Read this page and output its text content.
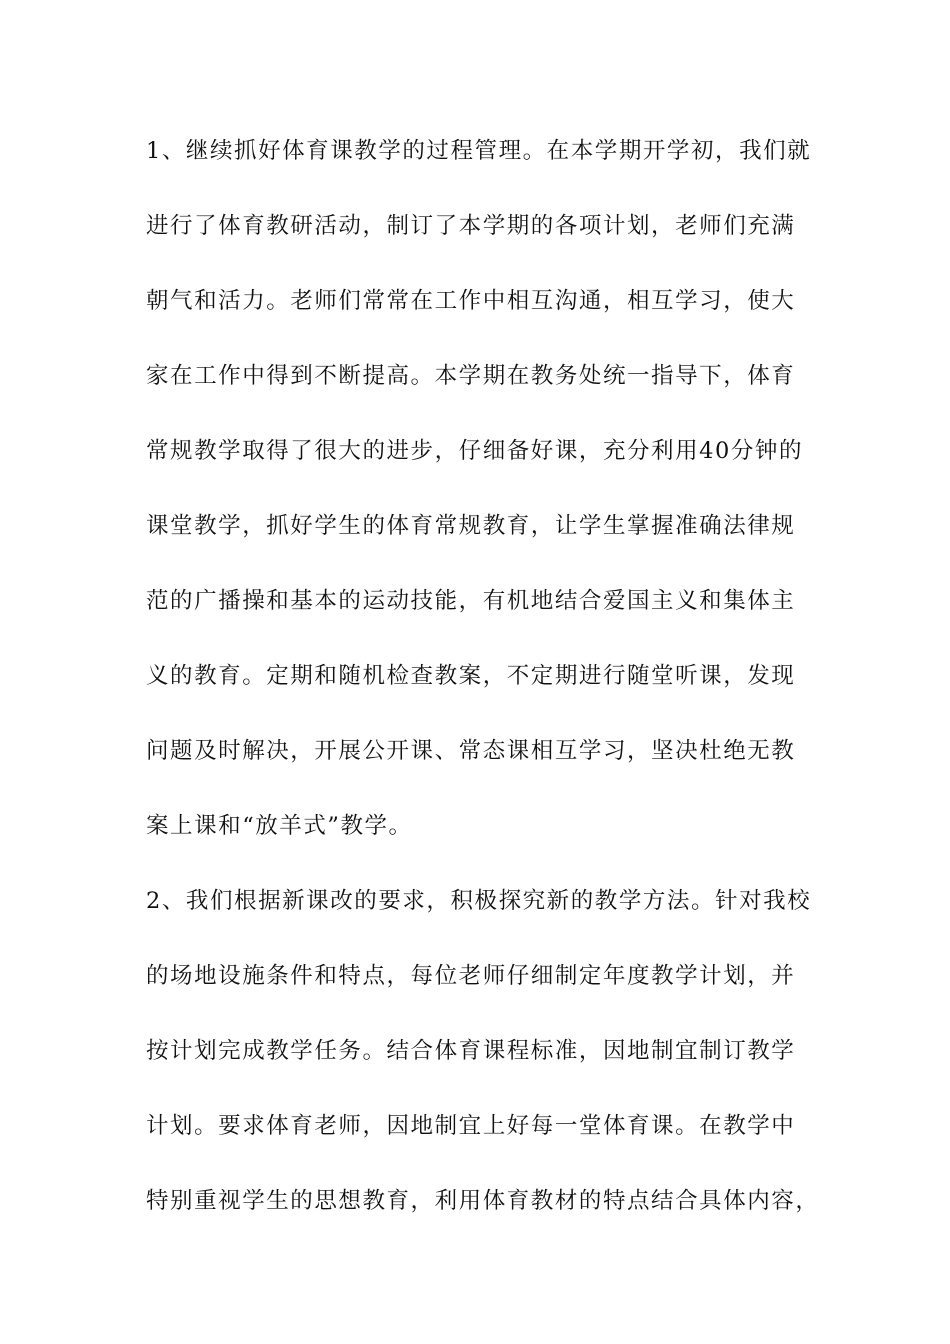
1、继续抓好体育课教学的过程管理。在本学期开学初，我们就
进行了体育教研活动，制订了本学期的各项计划，老师们充满
朝气和活力。老师们常常在工作中相互沟通，相互学习，使大
家在工作中得到不断提高。本学期在教务处统一指导下，体育
常规教学取得了很大的进步，仔细备好课，充分利用40分钟的
课堂教学，抓好学生的体育常规教育，让学生掌握准确法律规
范的广播操和基本的运动技能，有机地结合爱国主义和集体主
义的教育。定期和随机检查教案，不定期进行随堂听课，发现
问题及时解决，开展公开课、常态课相互学习，坚决杜绝无教
案上课和“放羊式”教学。
2、我们根据新课改的要求，积极探究新的教学方法。针对我校
的场地设施条件和特点，每位老师仔细制定年度教学计划，并
按计划完成教学任务。结合体育课程标准，因地制宜制订教学
计划。要求体育老师，因地制宜上好每一堂体育课。在教学中
特别重视学生的思想教育，利用体育教材的特点结合具体内容，
